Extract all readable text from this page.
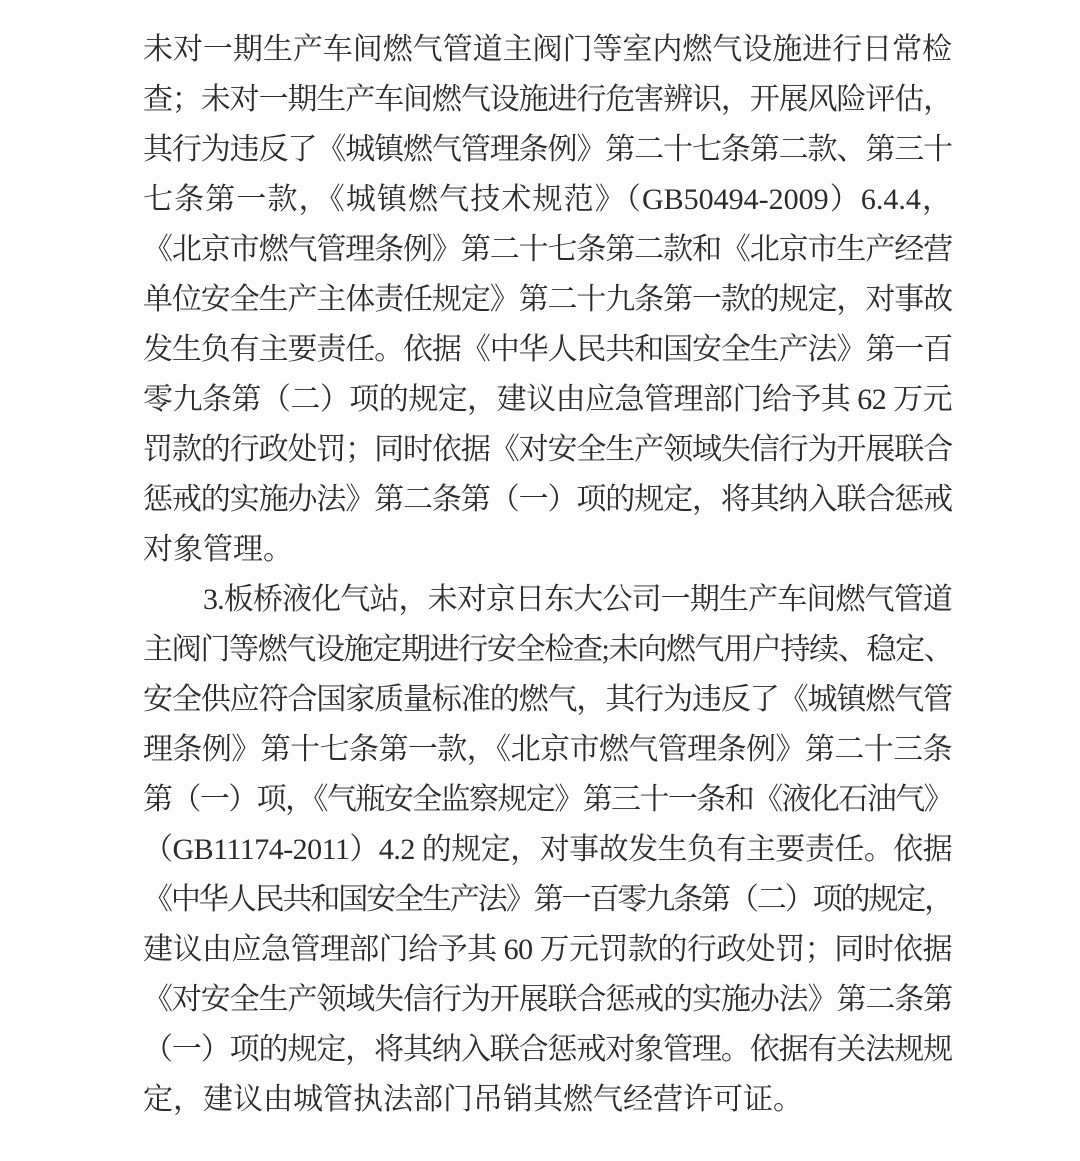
未对一期生产车间燃气管道主阀门等室内燃气设施进行日常检
查；未对一期生产车间燃气设施进行危害辨识，开展风险评估，
其行为违反了《城镇燃气管理条例》第二十七条第二款、第三十
七条第一款，《城镇燃气技术规范》（GB50494-2009）6.4.4，
《北京市燃气管理条例》第二十七条第二款和《北京市生产经营
单位安全生产主体责任规定》第二十九条第一款的规定，对事故
发生负有主要责任。依据《中华人民共和国安全生产法》第一百
零九条第（二）项的规定，建议由应急管理部门给予其 62 万元
罚款的行政处罚；同时依据《对安全生产领域失信行为开展联合
惩戒的实施办法》第二条第（一）项的规定，将其纳入联合惩戒
对象管理。
3.板桥液化气站，未对京日东大公司一期生产车间燃气管道
主阀门等燃气设施定期进行安全检查;未向燃气用户持续、稳定、
安全供应符合国家质量标准的燃气，其行为违反了《城镇燃气管
理条例》第十七条第一款，《北京市燃气管理条例》第二十三条
第（一）项，《气瓶安全监察规定》第三十一条和《液化石油气》
（GB11174-2011）4.2 的规定，对事故发生负有主要责任。依据
《中华人民共和国安全生产法》第一百零九条第（二）项的规定，
建议由应急管理部门给予其 60 万元罚款的行政处罚；同时依据
《对安全生产领域失信行为开展联合惩戒的实施办法》第二条第
（一）项的规定，将其纳入联合惩戒对象管理。依据有关法规规
定，建议由城管执法部门吊销其燃气经营许可证。
